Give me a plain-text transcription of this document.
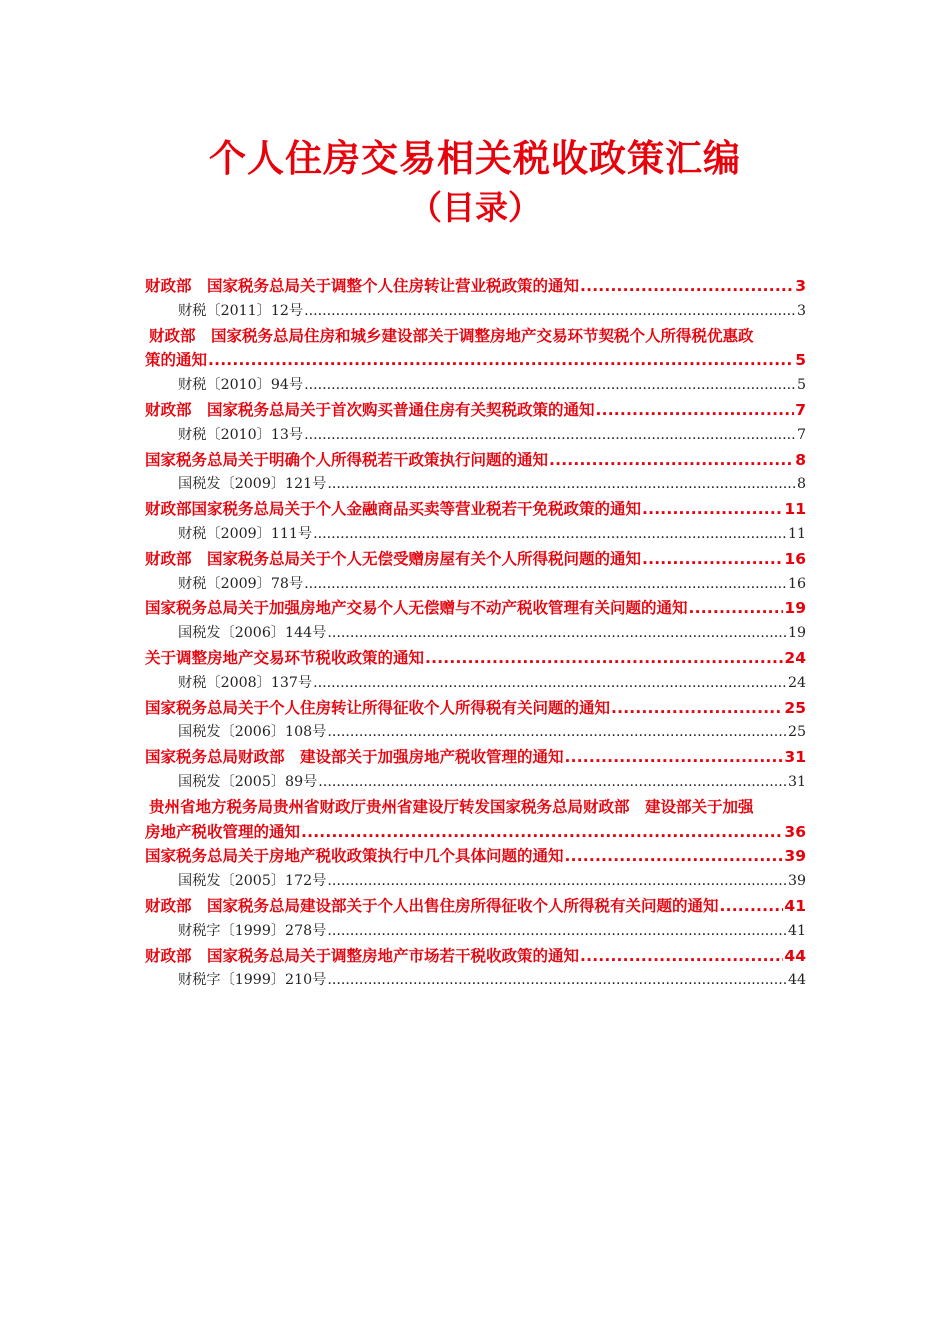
个人住房交易相关税收政策汇编
（目录）
财政部　国家税务总局关于调整个人住房转让营业税政策的通知 .....	3
财税〔2011〕12号 .....	3
财政部　国家税务总局住房和城乡建设部关于调整房地产交易环节契税个人所得税优惠政
策的通知 .....	5
财税〔2010〕94号 .....	5
财政部　国家税务总局关于首次购买普通住房有关契税政策的通知 .....	7
财税〔2010〕13号 .....	7
国家税务总局关于明确个人所得税若干政策执行问题的通知 .....	8
国税发〔2009〕121号 .....	8
财政部国家税务总局关于个人金融商品买卖等营业税若干免税政策的通知 .....	11
财税〔2009〕111号 .....	11
财政部　国家税务总局关于个人无偿受赠房屋有关个人所得税问题的通知 .....	16
财税〔2009〕78号 .....	16
国家税务总局关于加强房地产交易个人无偿赠与不动产税收管理有关问题的通知 .....	19
国税发〔2006〕144号 .....	19
关于调整房地产交易环节税收政策的通知 .....	24
财税〔2008〕137号 .....	24
国家税务总局关于个人住房转让所得征收个人所得税有关问题的通知 .....	25
国税发〔2006〕108号 .....	25
国家税务总局财政部　建设部关于加强房地产税收管理的通知 .....	31
国税发〔2005〕89号 .....	31
贵州省地方税务局贵州省财政厅贵州省建设厅转发国家税务总局财政部　建设部关于加强
房地产税收管理的通知 .....	36
国家税务总局关于房地产税收政策执行中几个具体问题的通知 .....	39
国税发〔2005〕172号 .....	39
财政部　国家税务总局建设部关于个人出售住房所得征收个人所得税有关问题的通知 .....	41
财税字〔1999〕278号 .....	41
财政部　国家税务总局关于调整房地产市场若干税收政策的通知 .....	44
财税字〔1999〕210号 .....	44
